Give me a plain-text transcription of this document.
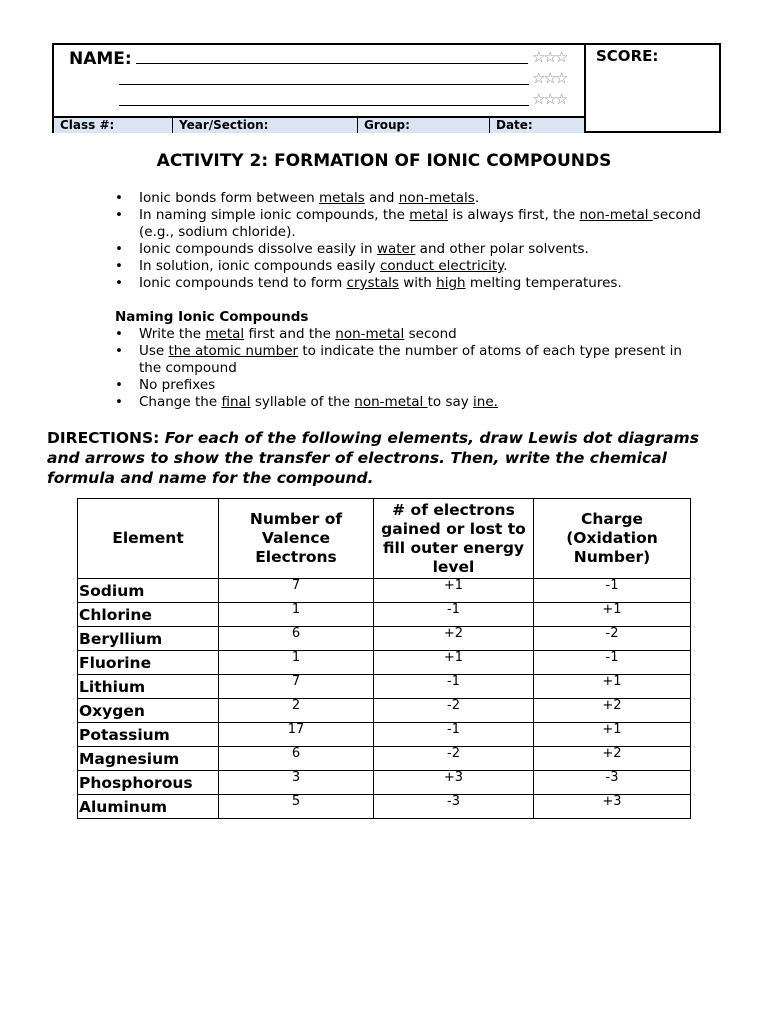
NAME:	☆☆☆
☆☆☆
☆☆☆
SCORE:
Class #:	Year/Section:	Group:	Date:
ACTIVITY 2: FORMATION OF IONIC COMPOUNDS
• Ionic bonds form between metals and non-metals.
• In naming simple ionic compounds, the metal is always first, the non-metal second (e.g., sodium chloride).
• Ionic compounds dissolve easily in water and other polar solvents.
• In solution, ionic compounds easily conduct electricity.
• Ionic compounds tend to form crystals with high melting temperatures.
Naming Ionic Compounds
• Write the metal first and the non-metal second
• Use the atomic number to indicate the number of atoms of each type present in the compound
• No prefixes
• Change the final syllable of the non-metal to say ine.
DIRECTIONS: For each of the following elements, draw Lewis dot diagrams and arrows to show the transfer of electrons. Then, write the chemical formula and name for the compound.
Element	Number of Valence Electrons	# of electrons gained or lost to fill outer energy level	Charge (Oxidation Number)
Sodium	7	+1	-1
Chlorine	1	-1	+1
Beryllium	6	+2	-2
Fluorine	1	+1	-1
Lithium	7	-1	+1
Oxygen	2	-2	+2
Potassium	17	-1	+1
Magnesium	6	-2	+2
Phosphorous	3	+3	-3
Aluminum	5	-3	+3
